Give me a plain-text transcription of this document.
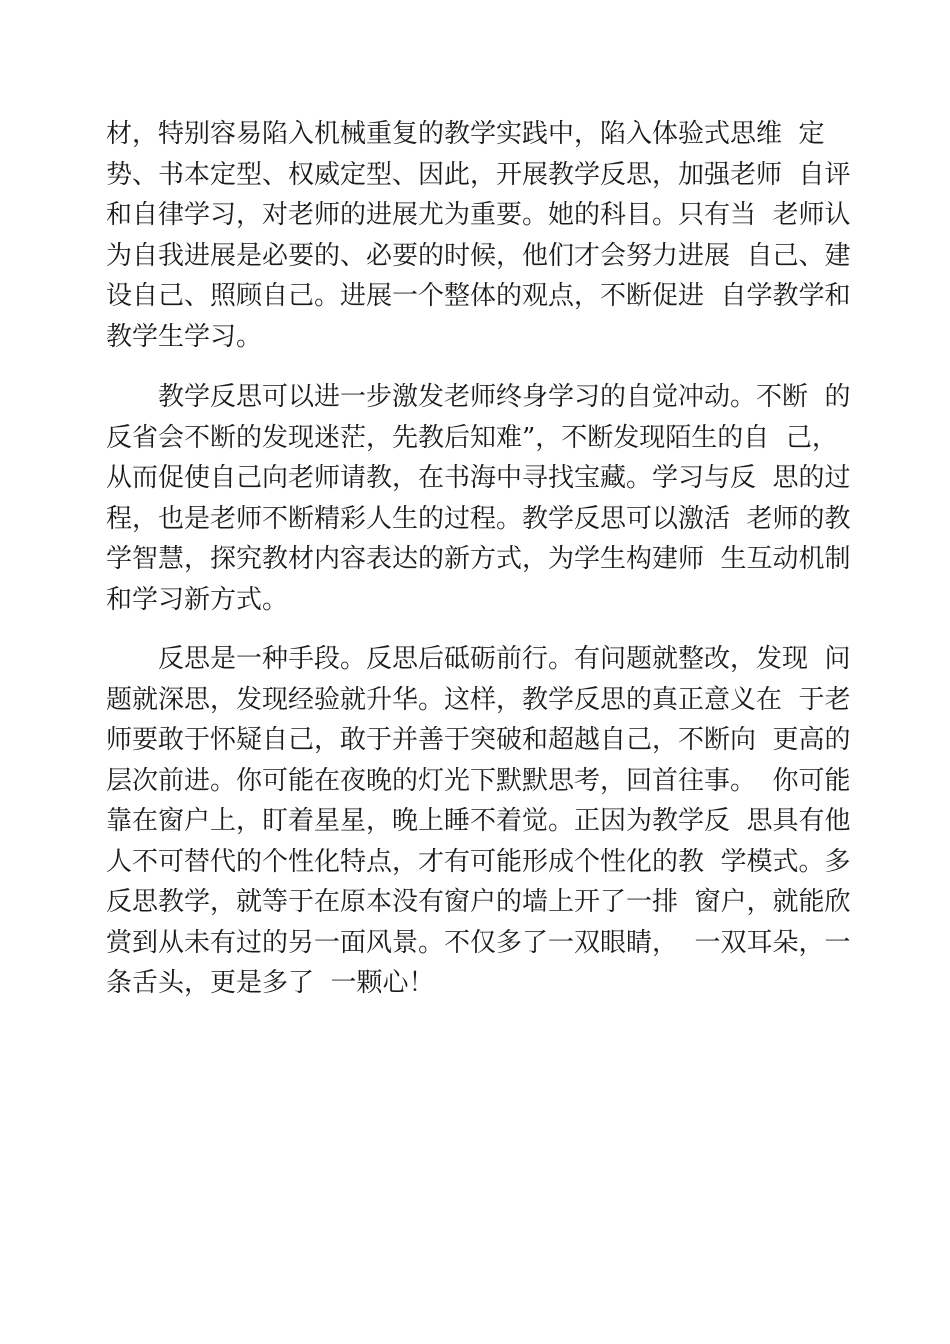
材，特别容易陷入机械重复的教学实践中，陷入体验式思维  定
势、书本定型、权威定型、因此，开展教学反思，加强老师  自评
和自律学习，对老师的进展尤为重要。她的科目。只有当  老师认
为自我进展是必要的、必要的时候，他们才会努力进展  自己、建
设自己、照顾自己。进展一个整体的观点，不断促进  自学教学和
教学生学习。
教学反思可以进一步激发老师终身学习的自觉冲动。不断  的
反省会不断的发现迷茫，先教后知难”，不断发现陌生的自  己，
从而促使自己向老师请教，在书海中寻找宝藏。学习与反  思的过
程，也是老师不断精彩人生的过程。教学反思可以激活  老师的教
学智慧，探究教材内容表达的新方式，为学生构建师  生互动机制
和学习新方式。
反思是一种手段。反思后砥砺前行。有问题就整改，发现  问
题就深思，发现经验就升华。这样，教学反思的真正意义在  于老
师要敢于怀疑自己，敢于并善于突破和超越自己，不断向  更高的
层次前进。你可能在夜晚的灯光下默默思考，回首往事。  你可能
靠在窗户上，盯着星星，晚上睡不着觉。正因为教学反  思具有他
人不可替代的个性化特点，才有可能形成个性化的教  学模式。多
反思教学，就等于在原本没有窗户的墙上开了一排  窗户，就能欣
赏到从未有过的另一面风景。不仅多了一双眼睛，  一双耳朵，一
条舌头，更是多了  一颗心！
